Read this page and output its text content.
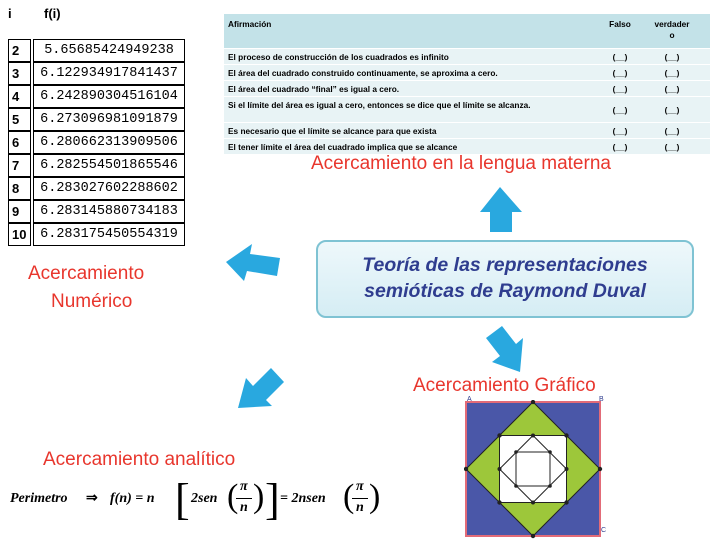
i f(i)
2		5.65685424949238
3		6.122934917841437
4		6.242890304516104
5		6.273096981091879
6		6.280662313909506
7		6.282554501865546
8		6.283027602288602
9		6.283145880734183
10		6.283175450554319
Afirmación	Falso	verdader o
El proceso de construcción de los cuadrados es infinito	(__)	(__)
El área del cuadrado construido continuamente, se aproxima a cero.	(__)	(__)
El área del cuadrado “final” es igual a cero.	(__)	(__)
Si el límite del área es igual a cero, entonces se dice que el límite se alcanza.	(__)	(__)
Es necesario que el límite se alcance para que exista	(__)	(__)
El tener límite el área del cuadrado implica que se alcance	(__)	(__)
Acercamiento en la lengua materna
Acercamiento
Numérico
Acercamiento Gráfico
Acercamiento analítico
Teoría de las representaciones
semióticas de Raymond Duval
Perimetro ⇒ f(n) = n [ 2sen ( π
n ) ] = 2nsen ( π
n )
A	B
C
